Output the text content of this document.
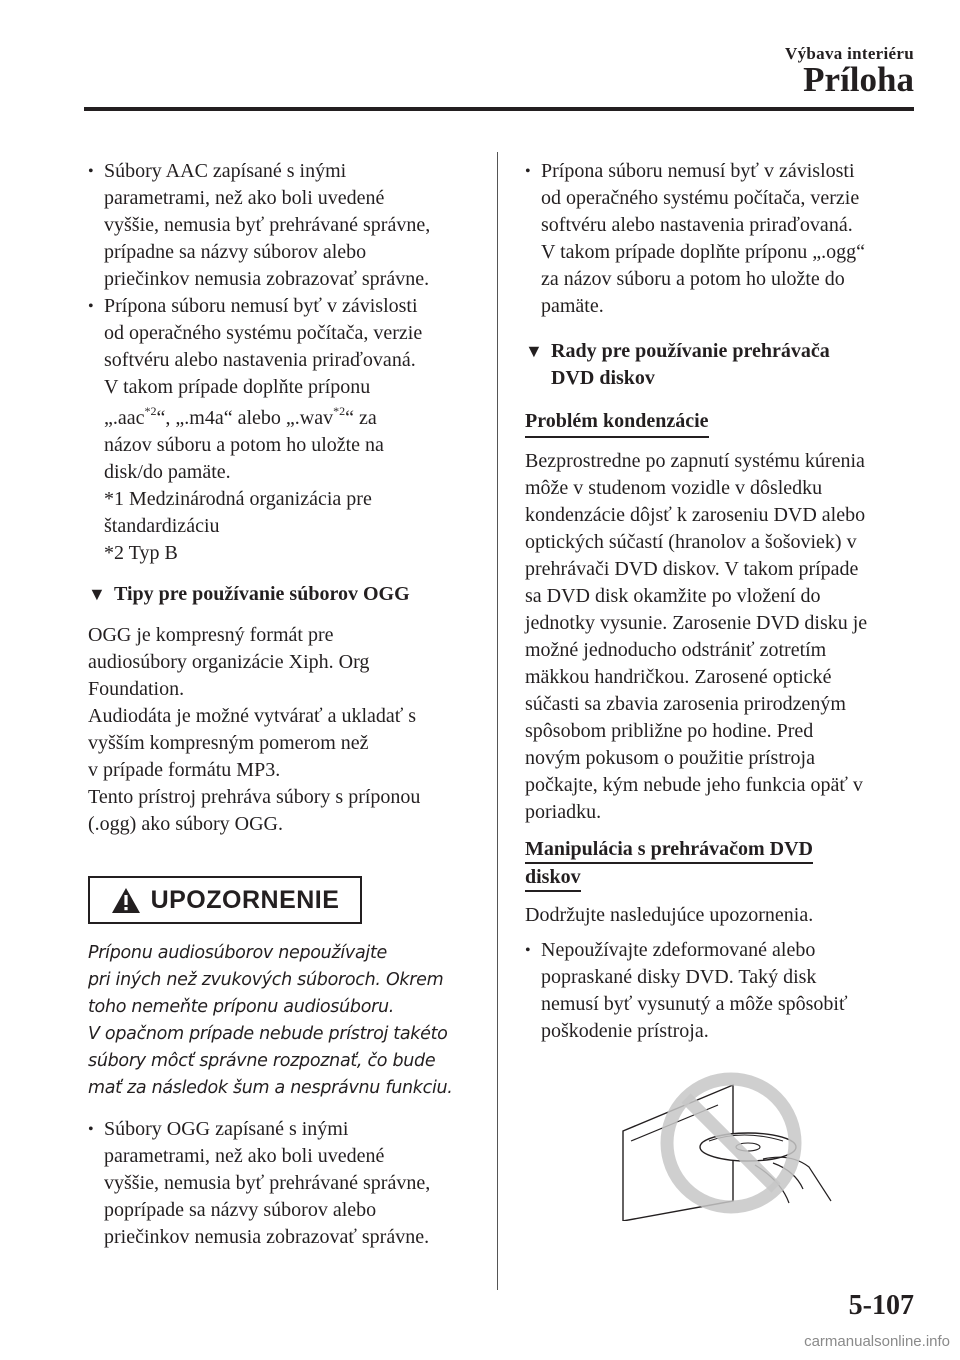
Výbava interiéru
Príloha
• Súbory AAC zapísané s inými
parametrami, než ako boli uvedené
vyššie, nemusia byť prehrávané správne,
prípadne sa názvy súborov alebo
priečinkov nemusia zobrazovať správne.
• Prípona súboru nemusí byť v závislosti
od operačného systému počítača, verzie
softvéru alebo nastavenia priraďovaná.
V takom prípade doplňte príponu
„.aac$^{*2}$“, „.m4a“ alebo „.wav$^{*2}$“ za
názov súboru a potom ho uložte na
disk/do pamäte.
*1 Medzinárodná organizácia pre
štandardizáciu
*2 Typ B
▼ Tipy pre používanie súborov OGG
OGG je kompresný formát pre
audiosúbory organizácie Xiph. Org
Foundation.
Audiodáta je možné vytvárať a ukladať s
vyšším kompresným pomerom než
v prípade formátu MP3.
Tento prístroj prehráva súbory s príponou
(.ogg) ako súbory OGG.
UPOZORNENIE
Príponu audiosúborov nepoužívajte
pri iných než zvukových súboroch. Okrem
toho nemeňte príponu audiosúboru.
V opačnom prípade nebude prístroj takéto
súbory môcť správne rozpoznať, čo bude
mať za následok šum a nesprávnu funkciu.
• Súbory OGG zapísané s inými
parametrami, než ako boli uvedené
vyššie, nemusia byť prehrávané správne,
poprípade sa názvy súborov alebo
priečinkov nemusia zobrazovať správne.
• Prípona súboru nemusí byť v závislosti
od operačného systému počítača, verzie
softvéru alebo nastavenia priraďovaná.
V takom prípade doplňte príponu „.ogg“
za názov súboru a potom ho uložte do
pamäte.
▼ Rady pre používanie prehrávača
DVD diskov
Problém kondenzácie
Bezprostredne po zapnutí systému kúrenia
môže v studenom vozidle v dôsledku
kondenzácie dôjsť k zaroseniu DVD alebo
optických súčastí (hranolov a šošoviek) v
prehrávači DVD diskov. V takom prípade
sa DVD disk okamžite po vložení do
jednotky vysunie. Zarosenie DVD disku je
možné jednoducho odstrániť zotretím
mäkkou handričkou. Zarosené optické
súčasti sa zbavia zarosenia prirodzeným
spôsobom približne po hodine. Pred
novým pokusom o použitie prístroja
počkajte, kým nebude jeho funkcia opäť v
poriadku.
Manipulácia s prehrávačom DVD
diskov
Dodržujte nasledujúce upozornenia.
• Nepoužívajte zdeformované alebo
popraskané disky DVD. Taký disk
nemusí byť vysunutý a môže spôsobiť
poškodenie prístroja.
5-107
carmanualsonline.info
